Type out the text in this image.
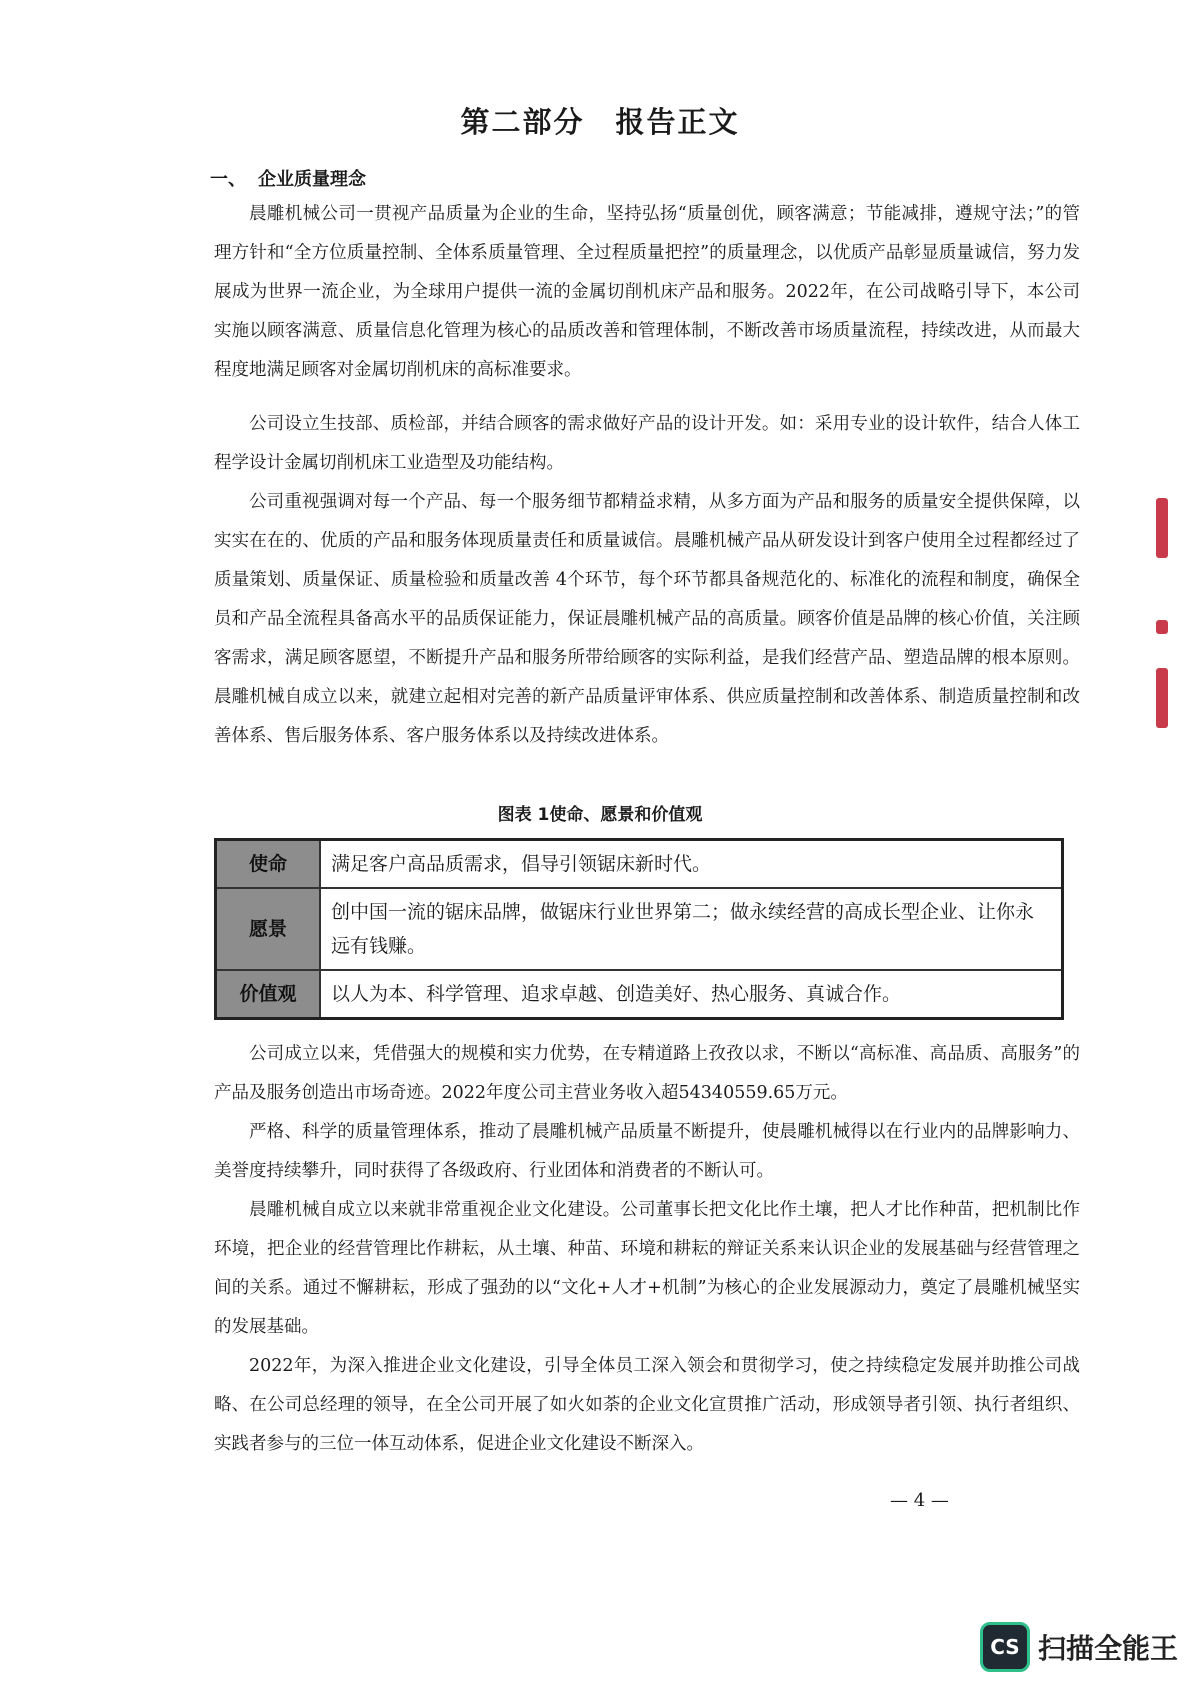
第二部分　报告正文
一、 企业质量理念
晨雕机械公司一贯视产品质量为企业的生命，坚持弘扬“质量创优，顾客满意；节能减排，遵规守法；”的管理方针和“全方位质量控制、全体系质量管理、全过程质量把控”的质量理念，以优质产品彰显质量诚信，努力发展成为世界一流企业，为全球用户提供一流的金属切削机床产品和服务。2022年，在公司战略引导下，本公司实施以顾客满意、质量信息化管理为核心的品质改善和管理体制，不断改善市场质量流程，持续改进，从而最大程度地满足顾客对金属切削机床的高标准要求。
公司设立生技部、质检部，并结合顾客的需求做好产品的设计开发。如：采用专业的设计软件，结合人体工程学设计金属切削机床工业造型及功能结构。
公司重视强调对每一个产品、每一个服务细节都精益求精，从多方面为产品和服务的质量安全提供保障，以实实在在的、优质的产品和服务体现质量责任和质量诚信。晨雕机械产品从研发设计到客户使用全过程都经过了质量策划、质量保证、质量检验和质量改善 4个环节，每个环节都具备规范化的、标准化的流程和制度，确保全员和产品全流程具备高水平的品质保证能力，保证晨雕机械产品的高质量。顾客价值是品牌的核心价值，关注顾客需求，满足顾客愿望，不断提升产品和服务所带给顾客的实际利益，是我们经营产品、塑造品牌的根本原则。晨雕机械自成立以来，就建立起相对完善的新产品质量评审体系、供应质量控制和改善体系、制造质量控制和改善体系、售后服务体系、客户服务体系以及持续改进体系。
图表 1使命、愿景和价值观
使命	满足客户高品质需求，倡导引领锯床新时代。
愿景	创中国一流的锯床品牌，做锯床行业世界第二；做永续经营的高成长型企业、让你永远有钱赚。
价值观	以人为本、科学管理、追求卓越、创造美好、热心服务、真诚合作。
公司成立以来，凭借强大的规模和实力优势，在专精道路上孜孜以求，不断以“高标准、高品质、高服务”的产品及服务创造出市场奇迹。2022年度公司主营业务收入超54340559.65万元。
严格、科学的质量管理体系，推动了晨雕机械产品质量不断提升，使晨雕机械得以在行业内的品牌影响力、美誉度持续攀升，同时获得了各级政府、行业团体和消费者的不断认可。
晨雕机械自成立以来就非常重视企业文化建设。公司董事长把文化比作土壤，把人才比作种苗，把机制比作环境，把企业的经营管理比作耕耘，从土壤、种苗、环境和耕耘的辩证关系来认识企业的发展基础与经营管理之间的关系。通过不懈耕耘，形成了强劲的以“文化+人才+机制”为核心的企业发展源动力，奠定了晨雕机械坚实的发展基础。
2022年，为深入推进企业文化建设，引导全体员工深入领会和贯彻学习，使之持续稳定发展并助推公司战略、在公司总经理的领导，在全公司开展了如火如荼的企业文化宣贯推广活动，形成领导者引领、执行者组织、实践者参与的三位一体互动体系，促进企业文化建设不断深入。
— 4 —
CS 扫描全能王
